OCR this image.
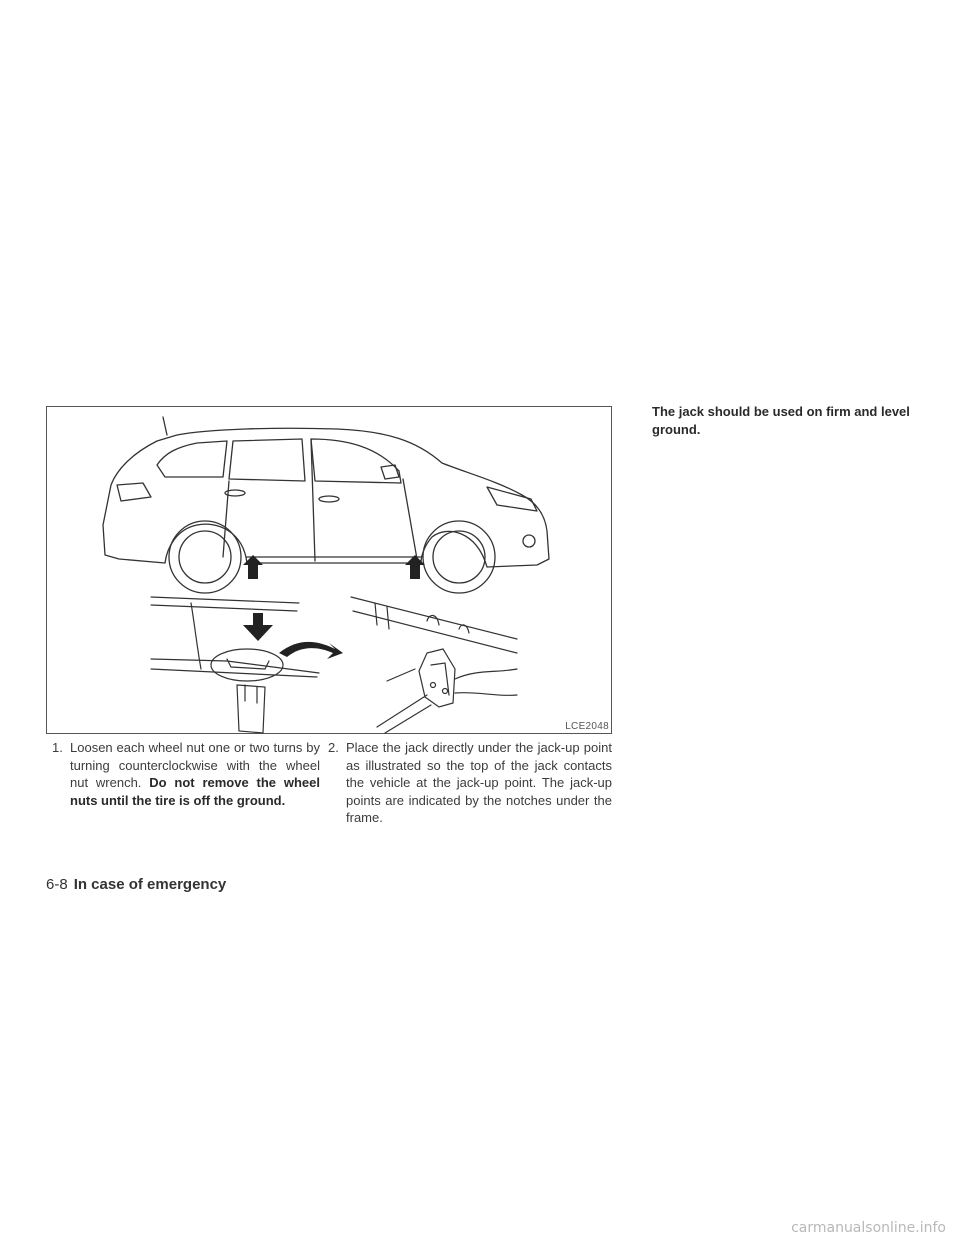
LCE2048
1. Loosen each wheel nut one or two turns by turning counterclockwise with the wheel nut wrench. Do not remove the wheel nuts until the tire is off the ground.
2. Place the jack directly under the jack-up point as illustrated so the top of the jack contacts the vehicle at the jack-up point. The jack-up points are indicated by the notches under the frame.
The jack should be used on firm and level ground.
6-8 In case of emergency
carmanualsonline.info
